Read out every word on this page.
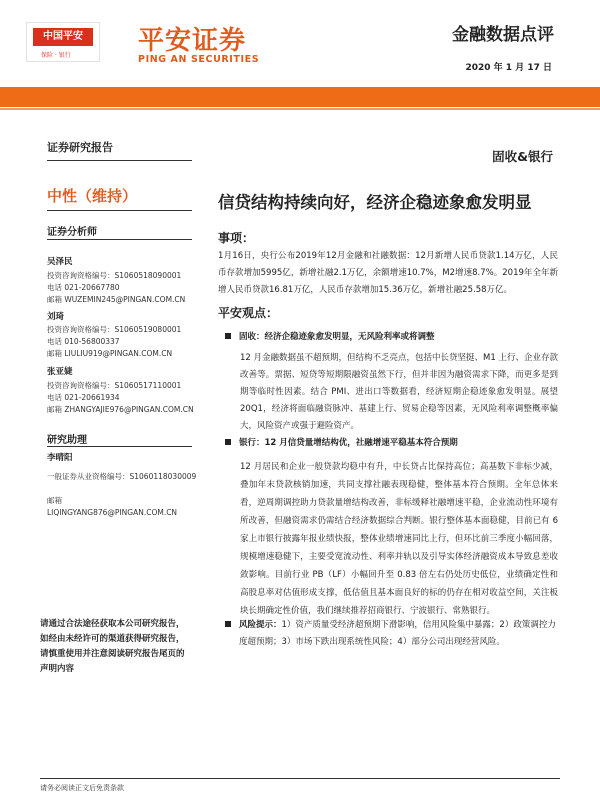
中国平安
保险 · 银行	平安证券
PING AN SECURITIES
金融数据点评
2020 年 1 月 17 日
证券研究报告
中性（维持）
证券分析师
吴泽民
投资咨询资格编号：S1060518090001
电话 021-20667780
邮箱 WUZEMIN245@PINGAN.COM.CN
刘琦
投资咨询资格编号：S1060519080001
电话 010-56800337
邮箱 LIULIU919@PINGAN.COM.CN
张亚婕
投资咨询资格编号：S1060517110001
电话 021-20661934
邮箱 ZHANGYAJIE976@PINGAN.COM.CN
研究助理
李晴阳
一般证券从业资格编号：S1060118030009
邮箱
LIQINGYANG876@PINGAN.COM.CN
请通过合法途径获取本公司研究报告，如经由未经许可的渠道获得研究报告，请慎重使用并注意阅读研究报告尾页的声明内容
固收&银行
信贷结构持续向好，经济企稳迹象愈发明显
事项：
1月16日，央行公布2019年12月金融和社融数据：12月新增人民币贷款1.14万亿，人民币存款增加5995亿，新增社融2.1万亿，余额增速10.7%，M2增速8.7%。2019年全年新增人民币贷款16.81万亿，人民币存款增加15.36万亿，新增社融25.58万亿。
平安观点：
固收：经济企稳迹象愈发明显，无风险利率或将调整
12 月金融数据虽不超预期，但结构不乏亮点，包括中长贷坚挺、M1 上行、企业存款改善等。票据、短贷等短期限融资虽然下行，但并非因为融资需求下降，而更多是到期等临时性因素。结合 PMI、进出口等数据看，经济短期企稳迹象愈发明显。展望 20Q1，经济将面临融资脉冲、基建上行、贸易企稳等因素，无风险利率调整概率偏大，风险资产或强于避险资产。
银行：12 月信贷量增结构优，社融增速平稳基本符合预期
12 月居民和企业一般贷款均稳中有升，中长贷占比保持高位；高基数下非标少减，叠加年末贷款核销加速，共同支撑社融表现稳健，整体基本符合预期。全年总体来看，逆周期调控助力贷款量增结构改善，非标缓释社融增速平稳，企业流动性环境有所改善，但融资需求仍需结合经济数据综合判断。银行整体基本面稳健，目前已有 6 家上市银行披露年报业绩快报，整体业绩增速同比上行，但环比前三季度小幅回落，规模增速稳健下，主要受宽流动性、利率并轨以及引导实体经济融资成本导致息差收敛影响。目前行业 PB（LF）小幅回升至 0.83 倍左右仍处历史低位，业绩确定性和高股息率对估值形成支撑，低估值且基本面良好的标的仍存在相对收益空间，关注板块长期确定性价值，我们继续推荐招商银行、宁波银行、常熟银行。
风险提示：1）资产质量受经济超预期下滑影响，信用风险集中暴露；2）政策调控力度超预期；3）市场下跌出现系统性风险；4）部分公司出现经营风险。
请务必阅读正文后免责条款
